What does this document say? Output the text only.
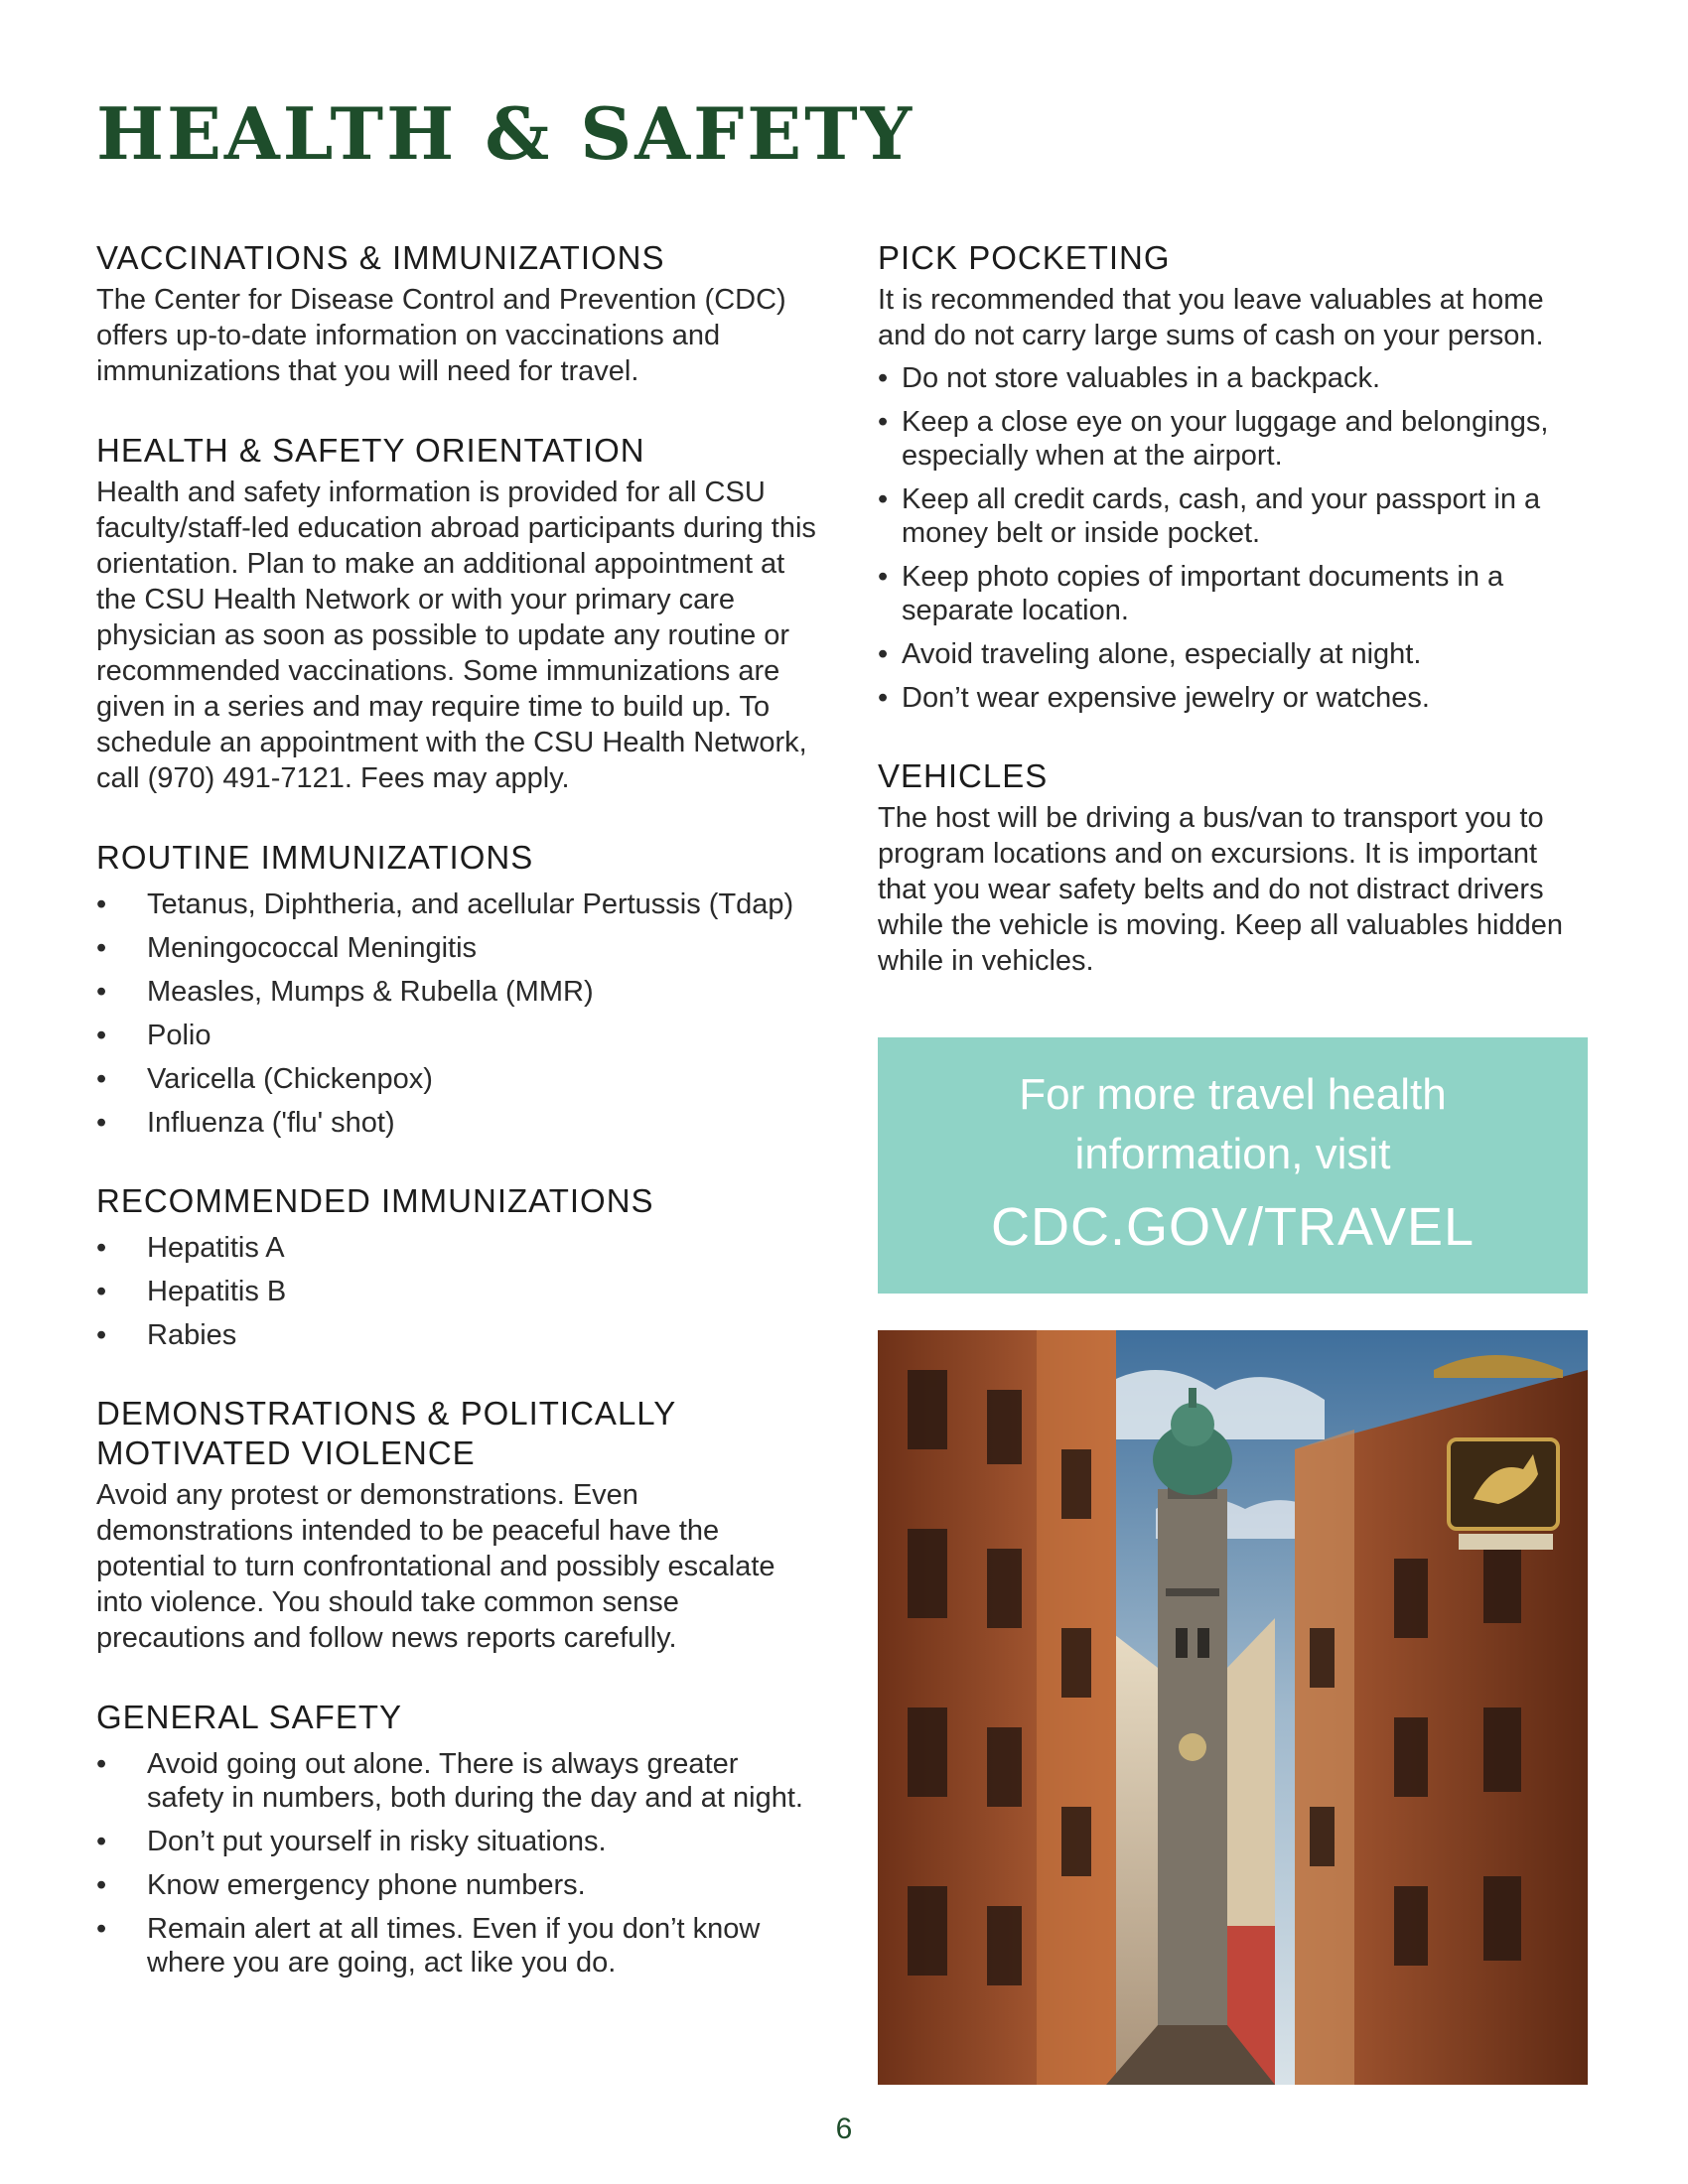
HEALTH & SAFETY
VACCINATIONS & IMMUNIZATIONS

The Center for Disease Control and Prevention (CDC) offers up-to-date information on vaccinations and immunizations that you will need for travel.

HEALTH & SAFETY ORIENTATION

Health and safety information is provided for all CSU faculty/staff-led education abroad participants during this orientation. Plan to make an additional appointment at the CSU Health Network or with your primary care physician as soon as possible to update any routine or recommended vaccinations. Some immunizations are given in a series and may require time to build up. To schedule an appointment with the CSU Health Network, call (970) 491-7121. Fees may apply.

ROUTINE IMMUNIZATIONS
• Tetanus, Diphtheria, and acellular Pertussis (Tdap)
• Meningococcal Meningitis
• Measles, Mumps & Rubella (MMR)
• Polio
• Varicella (Chickenpox)
• Influenza ('flu' shot)
RECOMMENDED IMMUNIZATIONS
• Hepatitis A
• Hepatitis B
• Rabies
DEMONSTRATIONS & POLITICALLY MOTIVATED VIOLENCE

Avoid any protest or demonstrations. Even demonstrations intended to be peaceful have the potential to turn confrontational and possibly escalate into violence. You should take common sense precautions and follow news reports carefully.

GENERAL SAFETY
• Avoid going out alone. There is always greater safety in numbers, both during the day and at night.
• Don’t put yourself in risky situations.
• Know emergency phone numbers.
• Remain alert at all times. Even if you don’t know where you are going, act like you do.
PICK POCKETING

It is recommended that you leave valuables at home and do not carry large sums of cash on your person.

• Do not store valuables in a backpack.
• Keep a close eye on your luggage and belongings, especially when at the airport.
• Keep all credit cards, cash, and your passport in a money belt or inside pocket.
• Keep photo copies of important documents in a separate location.
• Avoid traveling alone, especially at night.
• Don’t wear expensive jewelry or watches.
VEHICLES

The host will be driving a bus/van to transport you to program locations and on excursions. It is important that you wear safety belts and do not distract drivers while the vehicle is moving. Keep all valuables hidden while in vehicles.

For more travel health information, visit
CDC.GOV/TRAVEL
6
